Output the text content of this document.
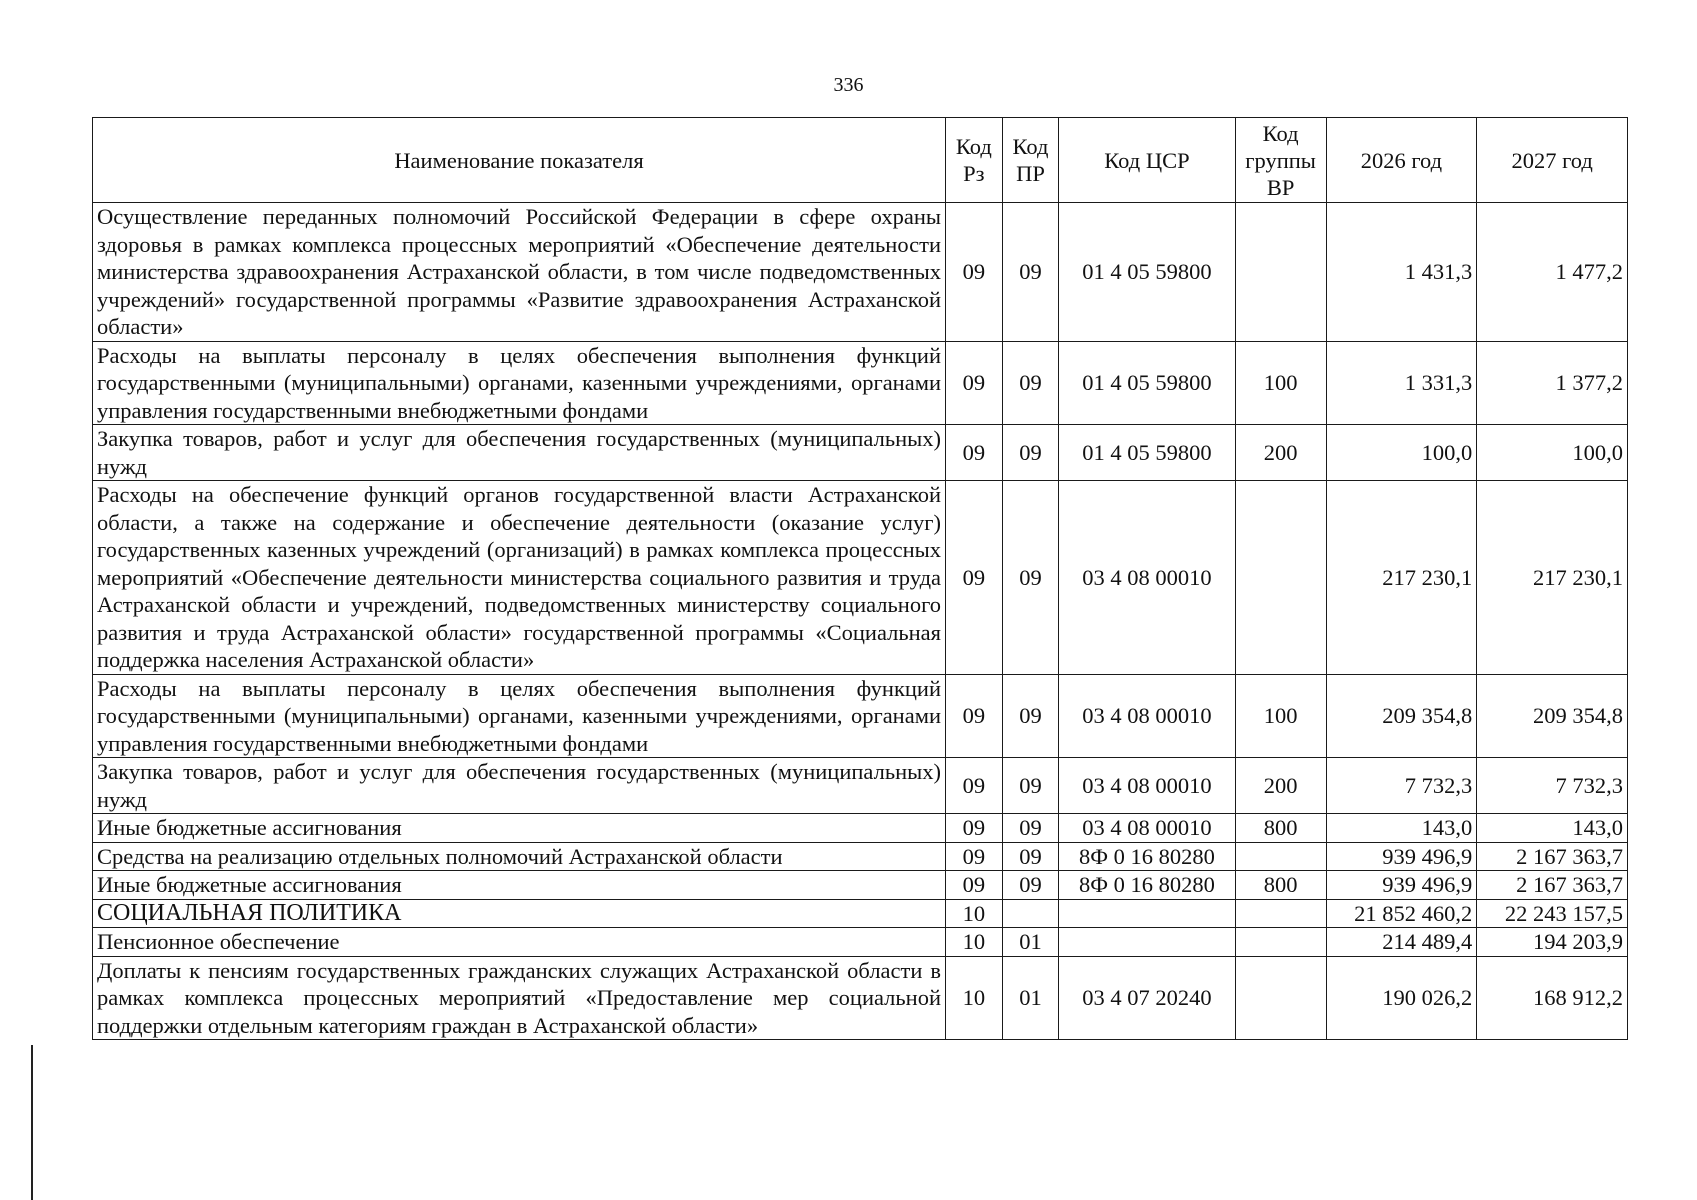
336
Наименование показателя	Код Рз	Код ПР	Код ЦСР	Код группы ВР	2026 год	2027 год
Осуществление переданных полномочий Российской Федерации в сфере охраны здоровья в рамках комплекса процессных мероприятий «Обеспечение деятельности министерства здравоохранения Астраханской области, в том числе подведомственных учреждений» государственной программы «Развитие здравоохранения Астраханской области»	09	09	01 4 05 59800		1 431,3	1 477,2
Расходы на выплаты персоналу в целях обеспечения выполнения функций государственными (муниципальными) органами, казенными учреждениями, органами управления государственными внебюджетными фондами	09	09	01 4 05 59800	100	1 331,3	1 377,2
Закупка товаров, работ и услуг для обеспечения государственных (муниципальных) нужд	09	09	01 4 05 59800	200	100,0	100,0
Расходы на обеспечение функций органов государственной власти Астраханской области, а также на содержание и обеспечение деятельности (оказание услуг) государственных казенных учреждений (организаций) в рамках комплекса процессных мероприятий «Обеспечение деятельности министерства социального развития и труда Астраханской области и учреждений, подведомственных министерству социального развития и труда Астраханской области» государственной программы «Социальная поддержка населения Астраханской области»	09	09	03 4 08 00010		217 230,1	217 230,1
Расходы на выплаты персоналу в целях обеспечения выполнения функций государственными (муниципальными) органами, казенными учреждениями, органами управления государственными внебюджетными фондами	09	09	03 4 08 00010	100	209 354,8	209 354,8
Закупка товаров, работ и услуг для обеспечения государственных (муниципальных) нужд	09	09	03 4 08 00010	200	7 732,3	7 732,3
Иные бюджетные ассигнования	09	09	03 4 08 00010	800	143,0	143,0
Средства на реализацию отдельных полномочий Астраханской области	09	09	8Ф 0 16 80280		939 496,9	2 167 363,7
Иные бюджетные ассигнования	09	09	8Ф 0 16 80280	800	939 496,9	2 167 363,7
СОЦИАЛЬНАЯ ПОЛИТИКА	10				21 852 460,2	22 243 157,5
Пенсионное обеспечение	10	01			214 489,4	194 203,9
Доплаты к пенсиям государственных гражданских служащих Астраханской области в рамках комплекса процессных мероприятий «Предоставление мер социальной поддержки отдельным категориям граждан в Астраханской области»	10	01	03 4 07 20240		190 026,2	168 912,2
